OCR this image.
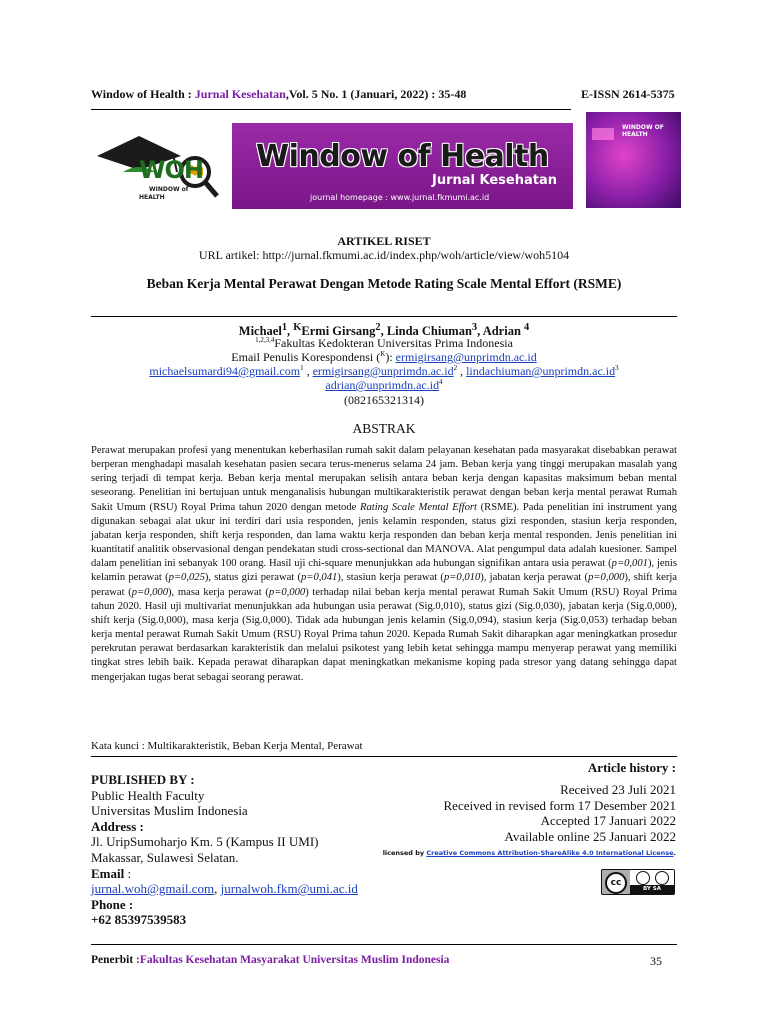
Window of Health : Jurnal Kesehatan,Vol. 5 No. 1 (Januari, 2022) : 35-48	E-ISSN 2614-5375
WOH
WINDOW of
HEALTH
Window of Health
Jurnal Kesehatan
journal homepage : www.jurnal.fkmumi.ac.id
WINDOW OF HEALTH
ARTIKEL RISET
URL artikel: http://jurnal.fkmumi.ac.id/index.php/woh/article/view/woh5104
Beban Kerja Mental Perawat Dengan Metode Rating Scale Mental Effort (RSME)
Michael$^1$, $^K$Ermi Girsang$^2$, Linda Chiuman$^3$, Adrian $^4$
$^{1,2,3,4}$Fakultas Kedokteran Universitas Prima Indonesia
Email Penulis Korespondensi ($^K$): ermigirsang@unprimdn.ac.id
michaelsumardi94@gmail.com$^1$ , $ermigirsang@unprimdn.ac.id^2$ , $lindachiuman@unprimdn.ac.id^3$
$adrian@unprimdn.ac.id^4$
(082165321314)
ABSTRAK
Perawat merupakan profesi yang menentukan keberhasilan rumah sakit dalam pelayanan kesehatan pada masyarakat disebabkan perawat berperan menghadapi masalah kesehatan pasien secara terus-menerus selama 24 jam. Beban kerja yang tinggi merupakan masalah yang sering terjadi di tempat kerja. Beban kerja mental merupakan selisih antara beban kerja dengan kapasitas maksimum beban mental seseorang. Penelitian ini bertujuan untuk menganalisis hubungan multikarakteristik perawat dengan beban kerja mental perawat Rumah Sakit Umum (RSU) Royal Prima tahun 2020 dengan metode Rating Scale Mental Effort (RSME). Pada penelitian ini instrument yang digunakan sebagai alat ukur ini terdiri dari usia responden, jenis kelamin responden, status gizi responden, stasiun kerja responden, jabatan kerja responden, shift kerja responden, dan lama waktu kerja responden dan beban kerja mental responden. Jenis penelitian ini kuantitatif analitik observasional dengan pendekatan studi cross-sectional dan MANOVA. Alat pengumpul data adalah kuesioner. Sampel dalam penelitian ini sebanyak 100 orang. Hasil uji chi-square menunjukkan ada hubungan signifikan antara usia perawat (p=0,001), jenis kelamin perawat (p=0,025), status gizi perawat (p=0,041), stasiun kerja perawat (p=0,010), jabatan kerja perawat (p=0,000), shift kerja perawat (p=0,000), masa kerja perawat (p=0,000) terhadap nilai beban kerja mental perawat Rumah Sakit Umum (RSU) Royal Prima tahun 2020. Hasil uji multivariat menunjukkan ada hubungan usia perawat (Sig.0,010), status gizi (Sig.0,030), jabatan kerja (Sig.0,000), shift kerja (Sig.0,000), masa kerja (Sig.0,000). Tidak ada hubungan jenis kelamin (Sig.0,094), stasiun kerja (Sig.0,053) terhadap beban kerja mental perawat Rumah Sakit Umum (RSU) Royal Prima tahun 2020. Kepada Rumah Sakit diharapkan agar meningkatkan prosedur perekrutan perawat berdasarkan karakteristik dan melalui psikotest yang lebih ketat sehingga mampu menyerap perawat yang memiliki tingkat stres lebih baik. Kepada perawat diharapkan dapat meningkatkan mekanisme koping pada stresor yang datang sehingga dapat mengerjakan tugas berat sebagai seorang perawat.
Kata kunci : Multikarakteristik, Beban Kerja Mental, Perawat
PUBLISHED BY :
Public Health Faculty
Universitas Muslim Indonesia
Address :
Jl. UripSumoharjo Km. 5 (Kampus II UMI)
Makassar, Sulawesi Selatan.
Email :
jurnal.woh@gmail.com, jurnalwoh.fkm@umi.ac.id
Phone :
+62 85397539583
Article history :
Received 23 Juli 2021
Received in revised form 17 Desember 2021
Accepted 17 Januari 2022
Available online 25 Januari 2022
licensed by Creative Commons Attribution-ShareAlike 4.0 International License.
cc
BY SA
Penerbit :Fakultas Kesehatan Masyarakat Universitas Muslim Indonesia	35
